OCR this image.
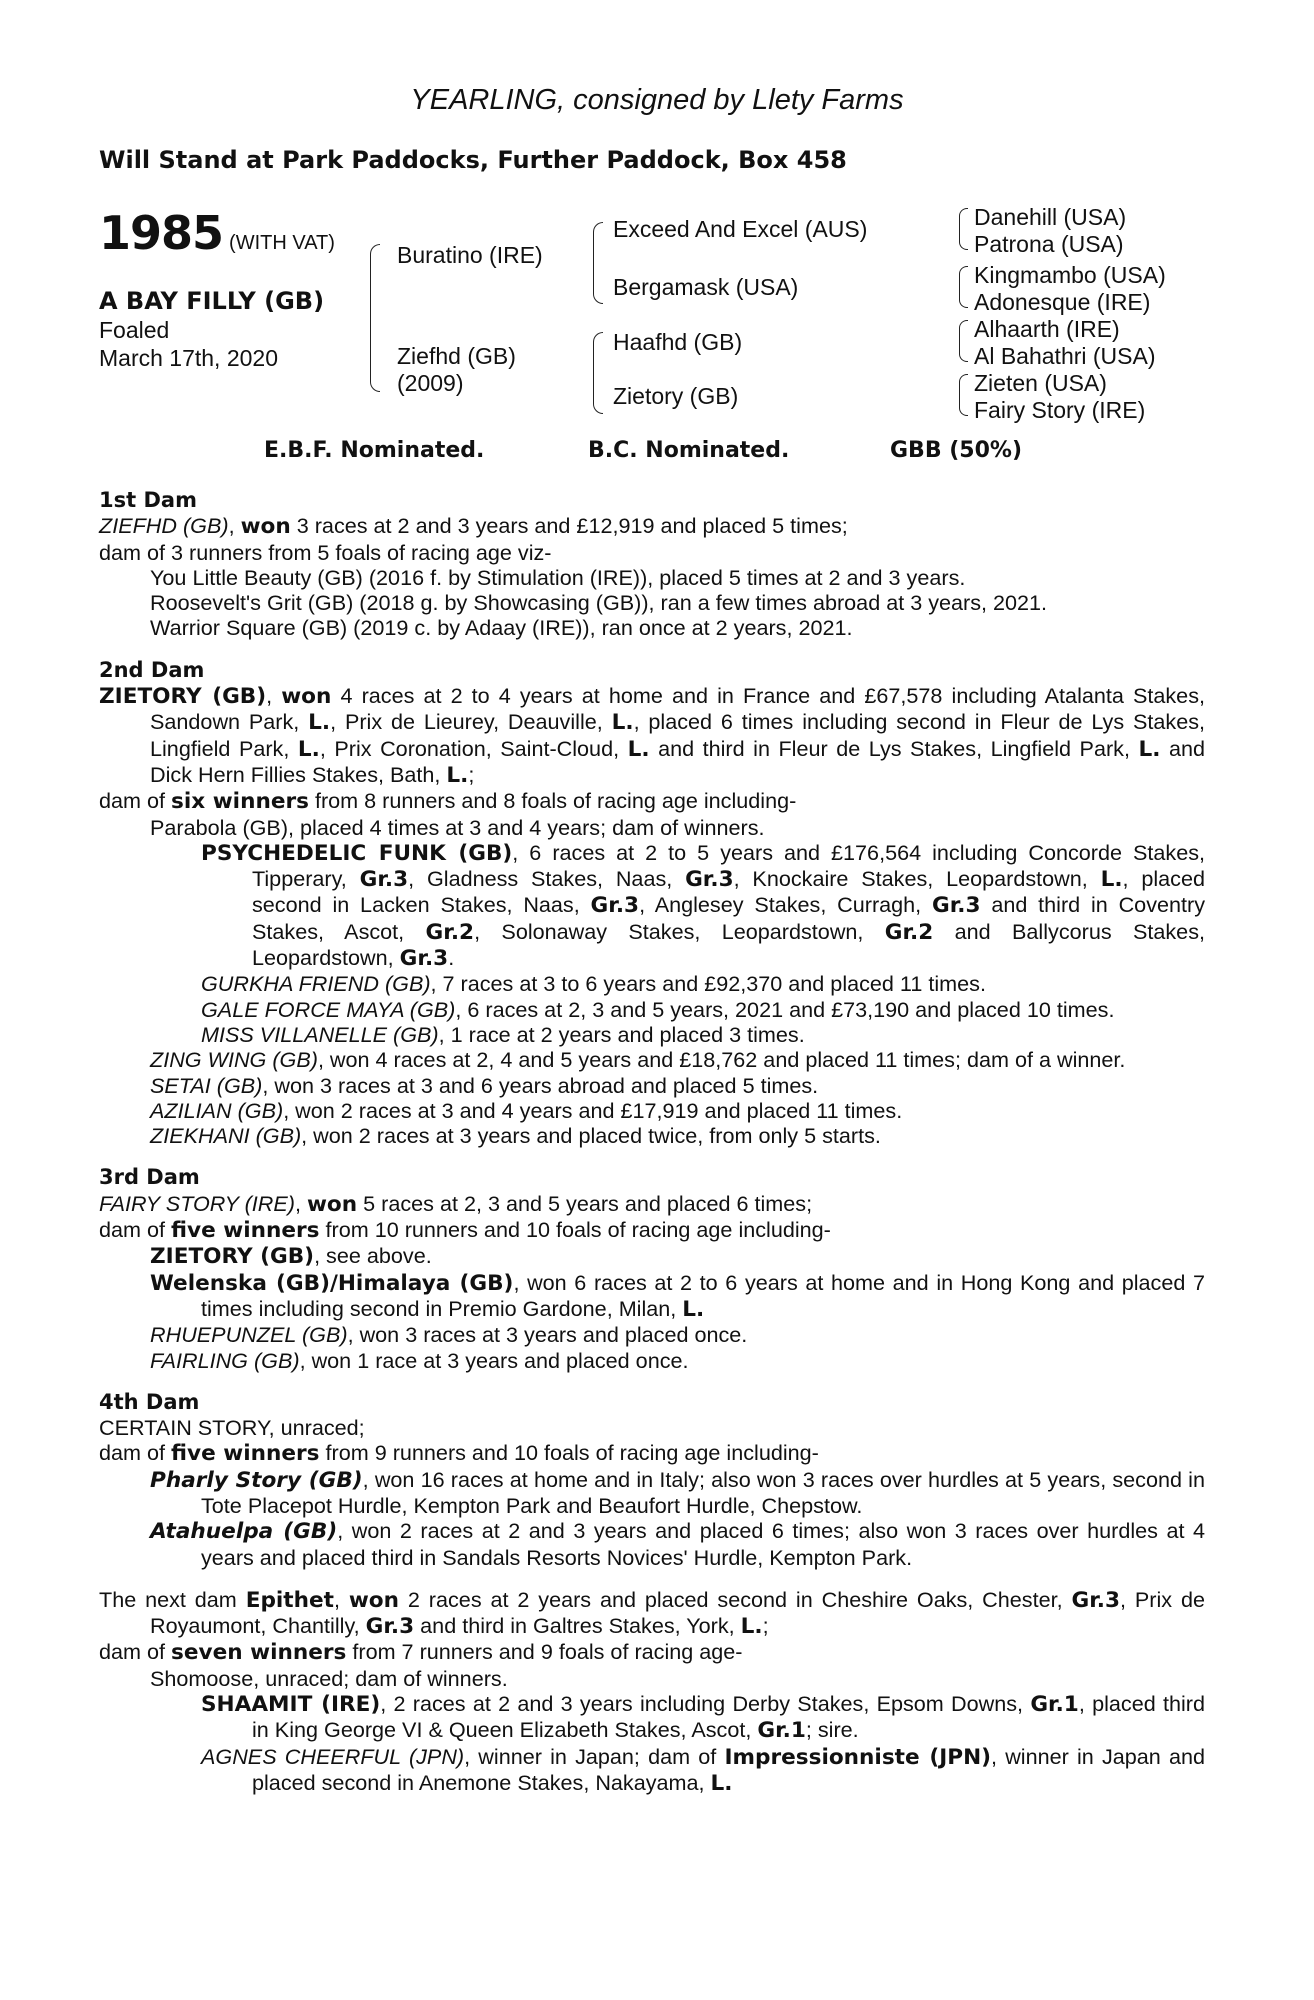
YEARLING, consigned by Llety Farms
Will Stand at Park Paddocks, Further Paddock, Box 458
1985 (WITH VAT)
A BAY FILLY (GB)
Foaled
March 17th, 2020
Buratino (IRE)
Ziefhd (GB)
(2009)
Exceed And Excel (AUS)
Bergamask (USA)
Haafhd (GB)
Zietory (GB)
Danehill (USA)
Patrona (USA)
Kingmambo (USA)
Adonesque (IRE)
Alhaarth (IRE)
Al Bahathri (USA)
Zieten (USA)
Fairy Story (IRE)
E.B.F. Nominated.	B.C. Nominated.	GBB (50%)
1st Dam
ZIEFHD (GB), won 3 races at 2 and 3 years and £12,919 and placed 5 times;
dam of 3 runners from 5 foals of racing age viz-
You Little Beauty (GB) (2016 f. by Stimulation (IRE)), placed 5 times at 2 and 3 years.
Roosevelt's Grit (GB) (2018 g. by Showcasing (GB)), ran a few times abroad at 3 years, 2021.
Warrior Square (GB) (2019 c. by Adaay (IRE)), ran once at 2 years, 2021.
2nd Dam
ZIETORY (GB), won 4 races at 2 to 4 years at home and in France and £67,578 including Atalanta Stakes, Sandown Park, L., Prix de Lieurey, Deauville, L., placed 6 times including second in Fleur de Lys Stakes, Lingfield Park, L., Prix Coronation, Saint-Cloud, L. and third in Fleur de Lys Stakes, Lingfield Park, L. and Dick Hern Fillies Stakes, Bath, L.;
dam of six winners from 8 runners and 8 foals of racing age including-
Parabola (GB), placed 4 times at 3 and 4 years; dam of winners.
PSYCHEDELIC FUNK (GB), 6 races at 2 to 5 years and £176,564 including Concorde Stakes, Tipperary, Gr.3, Gladness Stakes, Naas, Gr.3, Knockaire Stakes, Leopardstown, L., placed second in Lacken Stakes, Naas, Gr.3, Anglesey Stakes, Curragh, Gr.3 and third in Coventry Stakes, Ascot, Gr.2, Solonaway Stakes, Leopardstown, Gr.2 and Ballycorus Stakes, Leopardstown, Gr.3.
GURKHA FRIEND (GB), 7 races at 3 to 6 years and £92,370 and placed 11 times.
GALE FORCE MAYA (GB), 6 races at 2, 3 and 5 years, 2021 and £73,190 and placed 10 times.
MISS VILLANELLE (GB), 1 race at 2 years and placed 3 times.
ZING WING (GB), won 4 races at 2, 4 and 5 years and £18,762 and placed 11 times; dam of a winner.
SETAI (GB), won 3 races at 3 and 6 years abroad and placed 5 times.
AZILIAN (GB), won 2 races at 3 and 4 years and £17,919 and placed 11 times.
ZIEKHANI (GB), won 2 races at 3 years and placed twice, from only 5 starts.
3rd Dam
FAIRY STORY (IRE), won 5 races at 2, 3 and 5 years and placed 6 times;
dam of five winners from 10 runners and 10 foals of racing age including-
ZIETORY (GB), see above.
Welenska (GB)/Himalaya (GB), won 6 races at 2 to 6 years at home and in Hong Kong and placed 7 times including second in Premio Gardone, Milan, L.
RHUEPUNZEL (GB), won 3 races at 3 years and placed once.
FAIRLING (GB), won 1 race at 3 years and placed once.
4th Dam
CERTAIN STORY, unraced;
dam of five winners from 9 runners and 10 foals of racing age including-
Pharly Story (GB), won 16 races at home and in Italy; also won 3 races over hurdles at 5 years, second in Tote Placepot Hurdle, Kempton Park and Beaufort Hurdle, Chepstow.
Atahuelpa (GB), won 2 races at 2 and 3 years and placed 6 times; also won 3 races over hurdles at 4 years and placed third in Sandals Resorts Novices' Hurdle, Kempton Park.
The next dam Epithet, won 2 races at 2 years and placed second in Cheshire Oaks, Chester, Gr.3, Prix de Royaumont, Chantilly, Gr.3 and third in Galtres Stakes, York, L.;
dam of seven winners from 7 runners and 9 foals of racing age-
Shomoose, unraced; dam of winners.
SHAAMIT (IRE), 2 races at 2 and 3 years including Derby Stakes, Epsom Downs, Gr.1, placed third in King George VI & Queen Elizabeth Stakes, Ascot, Gr.1; sire.
AGNES CHEERFUL (JPN), winner in Japan; dam of Impressionniste (JPN), winner in Japan and placed second in Anemone Stakes, Nakayama, L.
